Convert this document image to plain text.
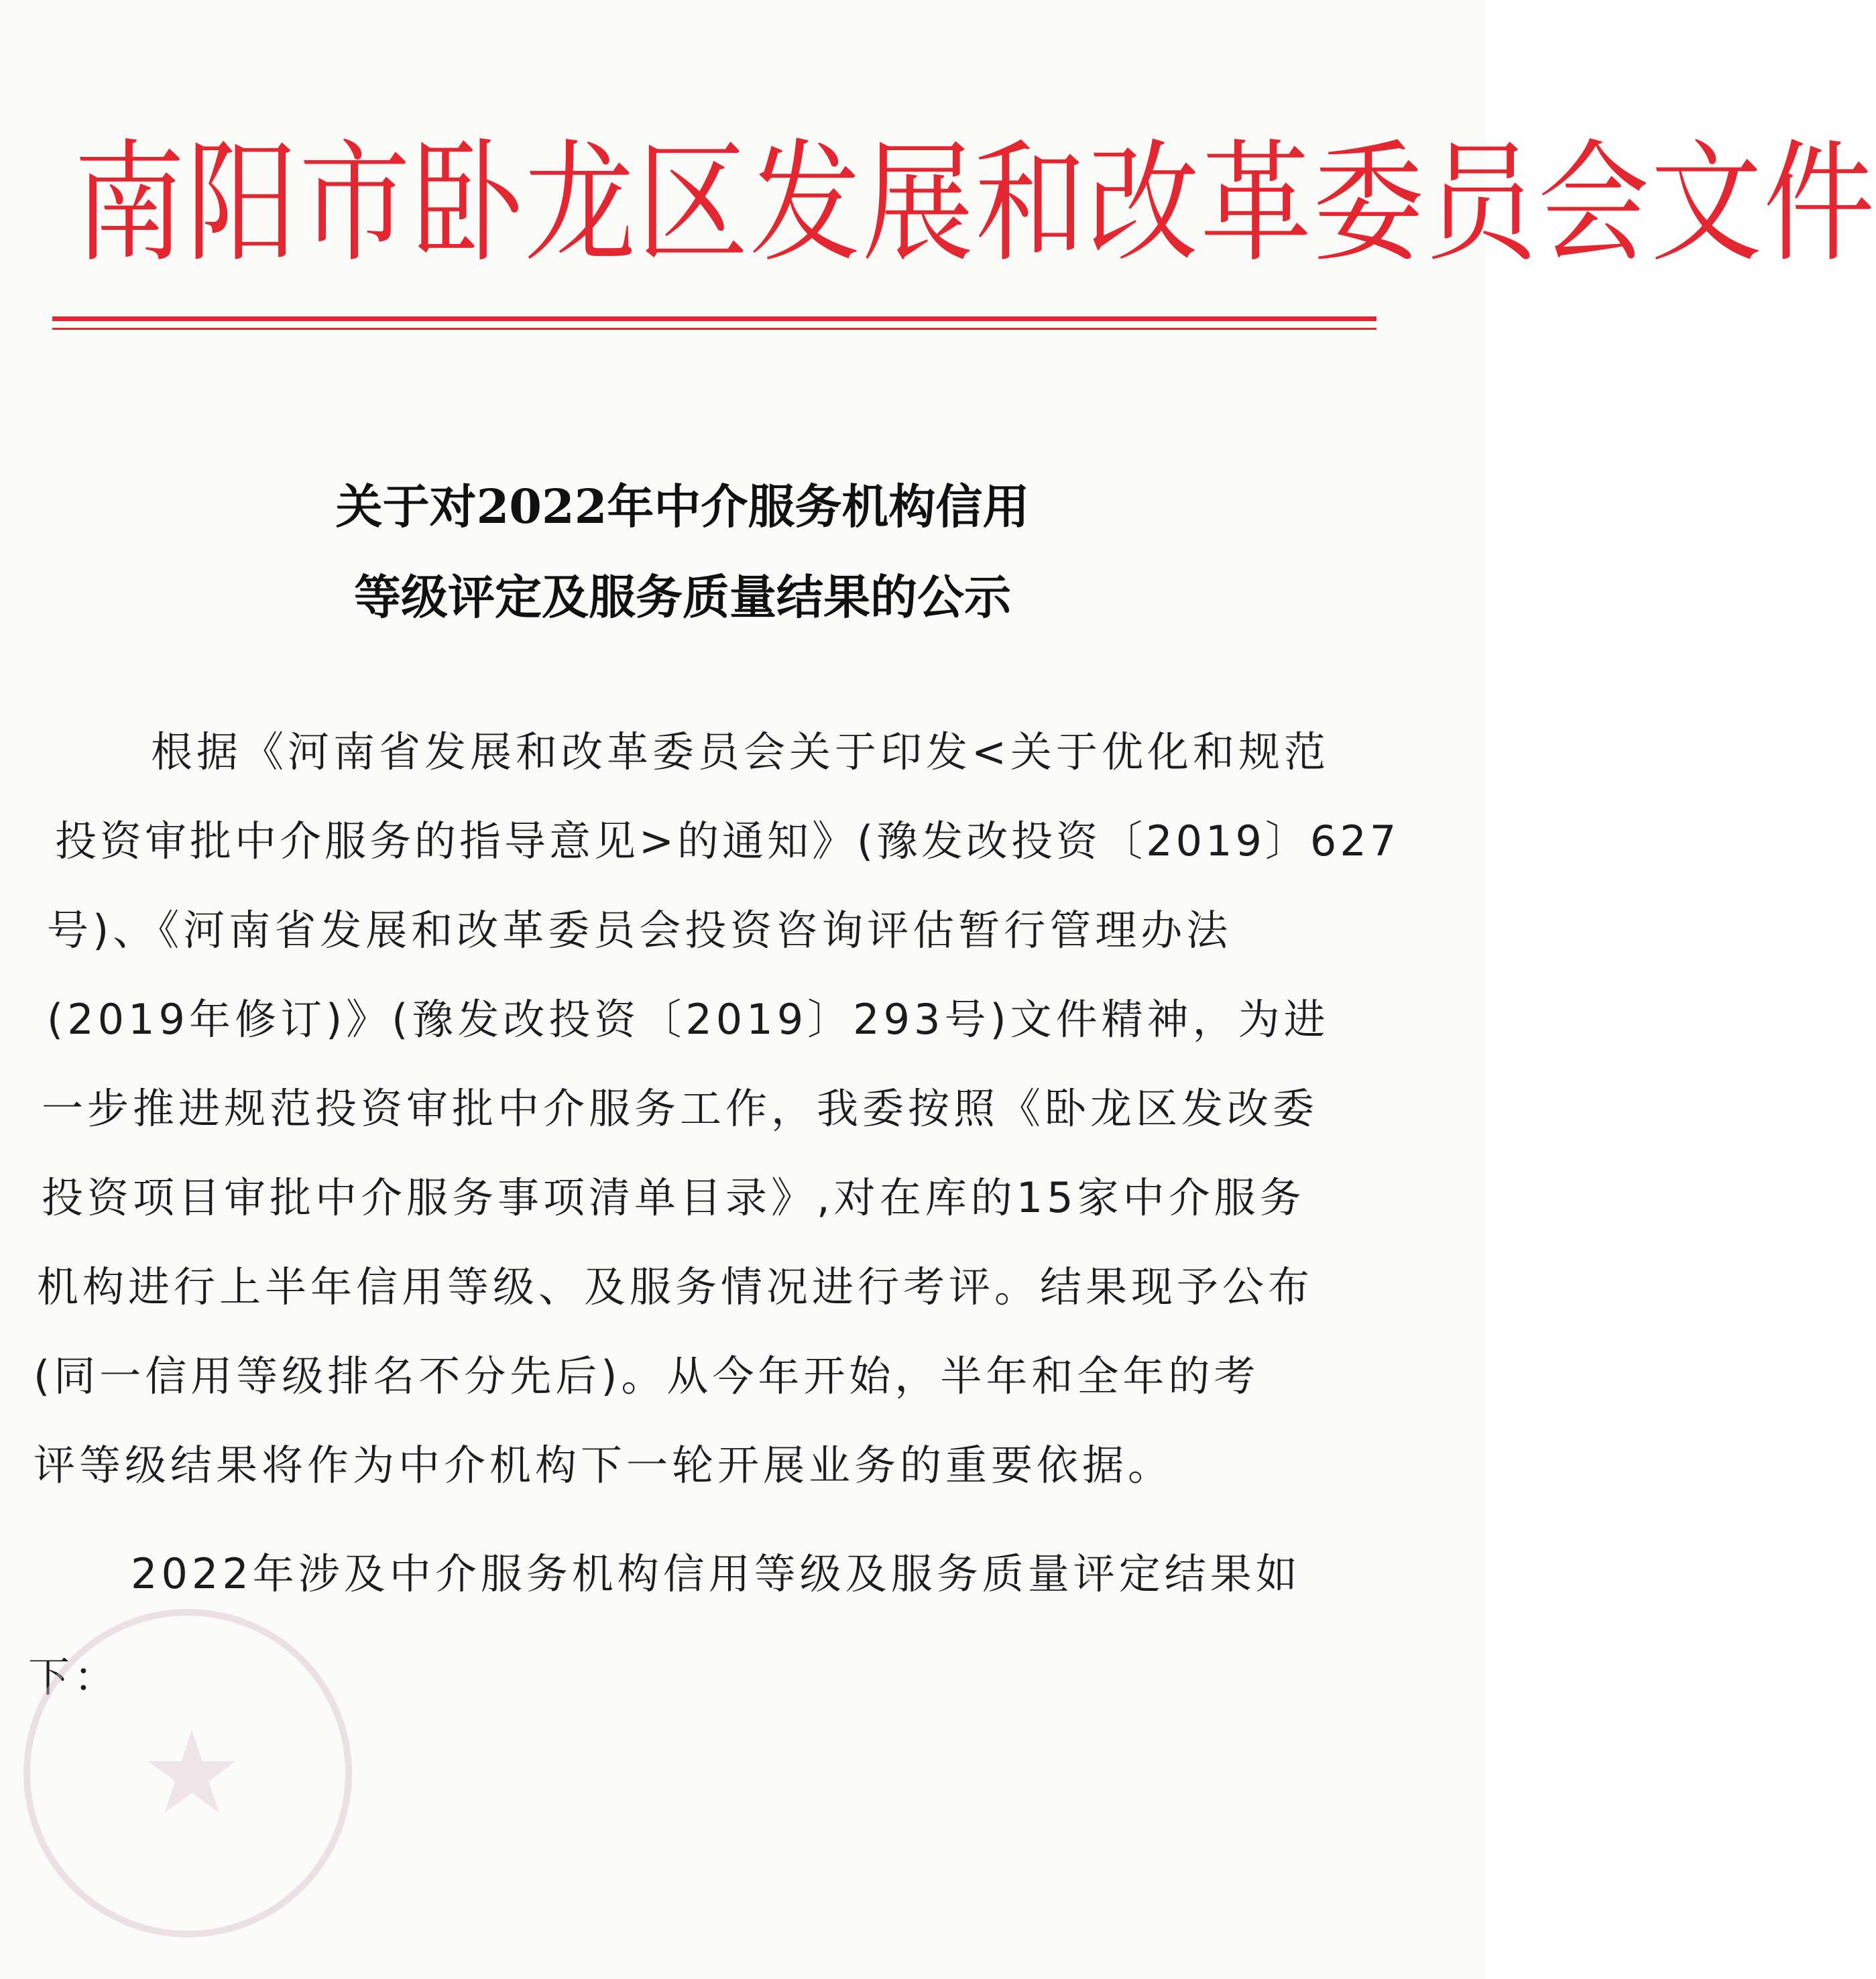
南阳市卧龙区发展和改革委员会文件
关于对2022年中介服务机构信用
等级评定及服务质量结果的公示
根据《河南省发展和改革委员会关于印发<关于优化和规范
投资审批中介服务的指导意见>的通知》(豫发改投资〔2019〕627
号)、《河南省发展和改革委员会投资咨询评估暂行管理办法
(2019年修订)》(豫发改投资〔2019〕293号)文件精神，为进
一步推进规范投资审批中介服务工作，我委按照《卧龙区发改委
投资项目审批中介服务事项清单目录》,对在库的15家中介服务
机构进行上半年信用等级、及服务情况进行考评。结果现予公布
(同一信用等级排名不分先后)。从今年开始，半年和全年的考
评等级结果将作为中介机构下一轮开展业务的重要依据。
2022年涉及中介服务机构信用等级及服务质量评定结果如
下：
★
